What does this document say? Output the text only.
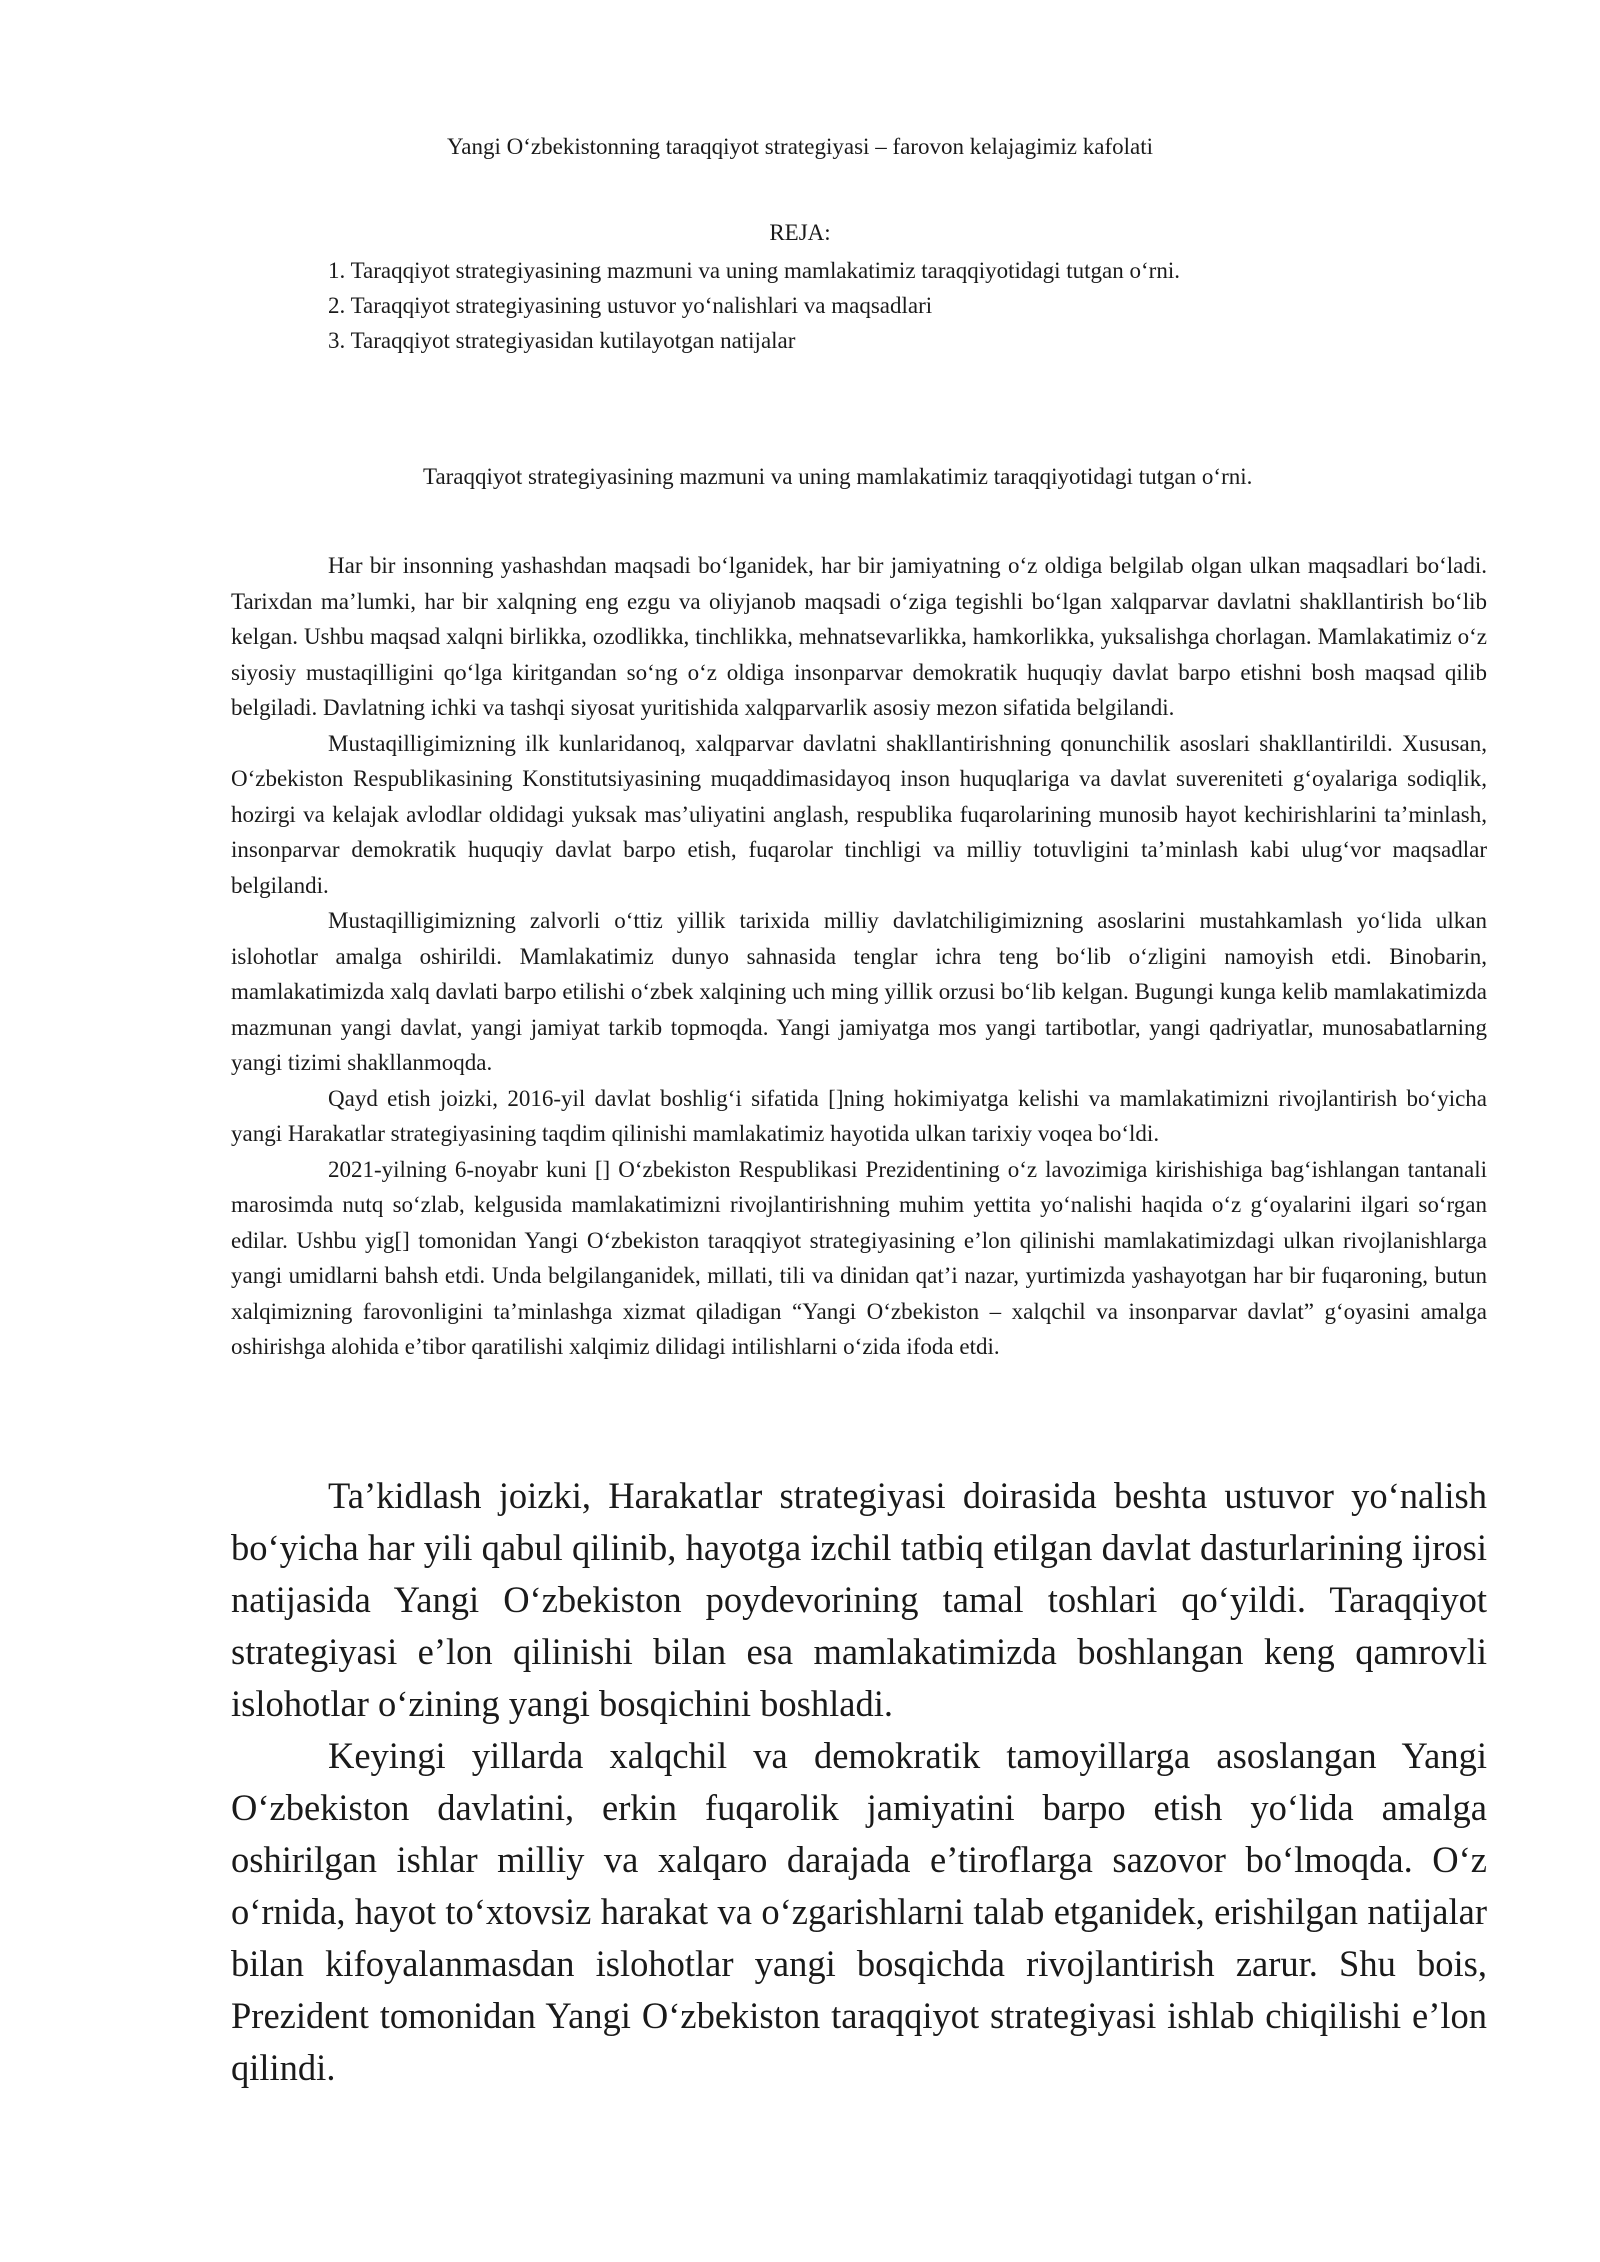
Yangi O‘zbekistonning taraqqiyot strategiyasi – farovon kelajagimiz kafolati
REJA:
1. Taraqqiyot strategiyasining mazmuni va uning mamlakatimiz taraqqiyotidagi tutgan o‘rni.
2. Taraqqiyot strategiyasining ustuvor yo‘nalishlari va maqsadlari
3. Taraqqiyot strategiyasidan kutilayotgan natijalar
Taraqqiyot strategiyasining mazmuni va uning mamlakatimiz taraqqiyotidagi tutgan o‘rni.

Har bir insonning yashashdan maqsadi bo‘lganidek, har bir jamiyatning o‘z oldiga belgilab olgan ulkan maqsadlari bo‘ladi. Tarixdan ma’lumki, har bir xalqning eng ezgu va oliyjanob maqsadi o‘ziga tegishli bo‘lgan xalqparvar davlatni shakllantirish bo‘lib kelgan. Ushbu maqsad xalqni birlikka, ozodlikka, tinchlikka, mehnatsevarlikka, hamkorlikka, yuksalishga chorlagan. Mamlakatimiz o‘z siyosiy mustaqilligini qo‘lga kiritgandan so‘ng o‘z oldiga insonparvar demokratik huquqiy davlat barpo etishni bosh maqsad qilib belgiladi. Davlatning ichki va tashqi siyosat yuritishida xalqparvarlik asosiy mezon sifatida belgilandi.

Mustaqilligimizning ilk kunlaridanoq, xalqparvar davlatni shakllantirishning qonunchilik asoslari shakllantirildi. Xususan, O‘zbekiston Respublikasining Konstitutsiyasining muqaddimasidayoq inson huquqlariga va davlat suvereniteti g‘oyalariga sodiqlik, hozirgi va kelajak avlodlar oldidagi yuksak mas’uliyatini anglash, respublika fuqarolarining munosib hayot kechirishlarini ta’minlash, insonparvar demokratik huquqiy davlat barpo etish, fuqarolar tinchligi va milliy totuvligini ta’minlash kabi ulug‘vor maqsadlar belgilandi.

Mustaqilligimizning zalvorli o‘ttiz yillik tarixida milliy davlatchiligimizning asoslarini mustahkamlash yo‘lida ulkan islohotlar amalga oshirildi. Mamlakatimiz dunyo sahnasida tenglar ichra teng bo‘lib o‘zligini namoyish etdi. Binobarin, mamlakatimizda xalq davlati barpo etilishi o‘zbek xalqining uch ming yillik orzusi bo‘lib kelgan. Bugungi kunga kelib mamlakatimizda mazmunan yangi davlat, yangi jamiyat tarkib topmoqda. Yangi jamiyatga mos yangi tartibotlar, yangi qadriyatlar, munosabatlarning yangi tizimi shakllanmoqda.

Qayd etish joizki, 2016-yil davlat boshlig‘i sifatida []ning hokimiyatga kelishi va mamlakatimizni rivojlantirish bo‘yicha yangi Harakatlar strategiyasining taqdim qilinishi mamlakatimiz hayotida ulkan tarixiy voqea bo‘ldi.

2021-yilning 6-noyabr kuni [] O‘zbekiston Respublikasi Prezidentining o‘z lavozimiga kirishishiga bag‘ishlangan tantanali marosimda nutq so‘zlab, kelgusida mamlakatimizni rivojlantirishning muhim yettita yo‘nalishi haqida o‘z g‘oyalarini ilgari so‘rgan edilar. Ushbu yig[] tomonidan Yangi O‘zbekiston taraqqiyot strategiyasining e’lon qilinishi mamlakatimizdagi ulkan rivojlanishlarga yangi umidlarni bahsh etdi. Unda belgilanganidek, millati, tili va dinidan qat’i nazar, yurtimizda yashayotgan har bir fuqaroning, butun xalqimizning farovonligini ta’minlashga xizmat qiladigan “Yangi O‘zbekiston – xalqchil va insonparvar davlat” g‘oyasini amalga oshirishga alohida e’tibor qaratilishi xalqimiz dilidagi intilishlarni o‘zida ifoda etdi.

Ta’kidlash joizki, Harakatlar strategiyasi doirasida beshta ustuvor yo‘nalish bo‘yicha har yili qabul qilinib, hayotga izchil tatbiq etilgan davlat dasturlarining ijrosi natijasida Yangi O‘zbekiston poydevorining tamal toshlari qo‘yildi. Taraqqiyot strategiyasi e’lon qilinishi bilan esa mamlakatimizda boshlangan keng qamrovli islohotlar o‘zining yangi bosqichini boshladi.

Keyingi yillarda xalqchil va demokratik tamoyillarga asoslangan Yangi O‘zbekiston davlatini, erkin fuqarolik jamiyatini barpo etish yo‘lida amalga oshirilgan ishlar milliy va xalqaro darajada e’tiroflarga sazovor bo‘lmoqda. O‘z o‘rnida, hayot to‘xtovsiz harakat va o‘zgarishlarni talab etganidek, erishilgan natijalar bilan kifoyalanmasdan islohotlar yangi bosqichda rivojlantirish zarur. Shu bois, Prezident tomonidan Yangi O‘zbekiston taraqqiyot strategiyasi ishlab chiqilishi e’lon qilindi.
